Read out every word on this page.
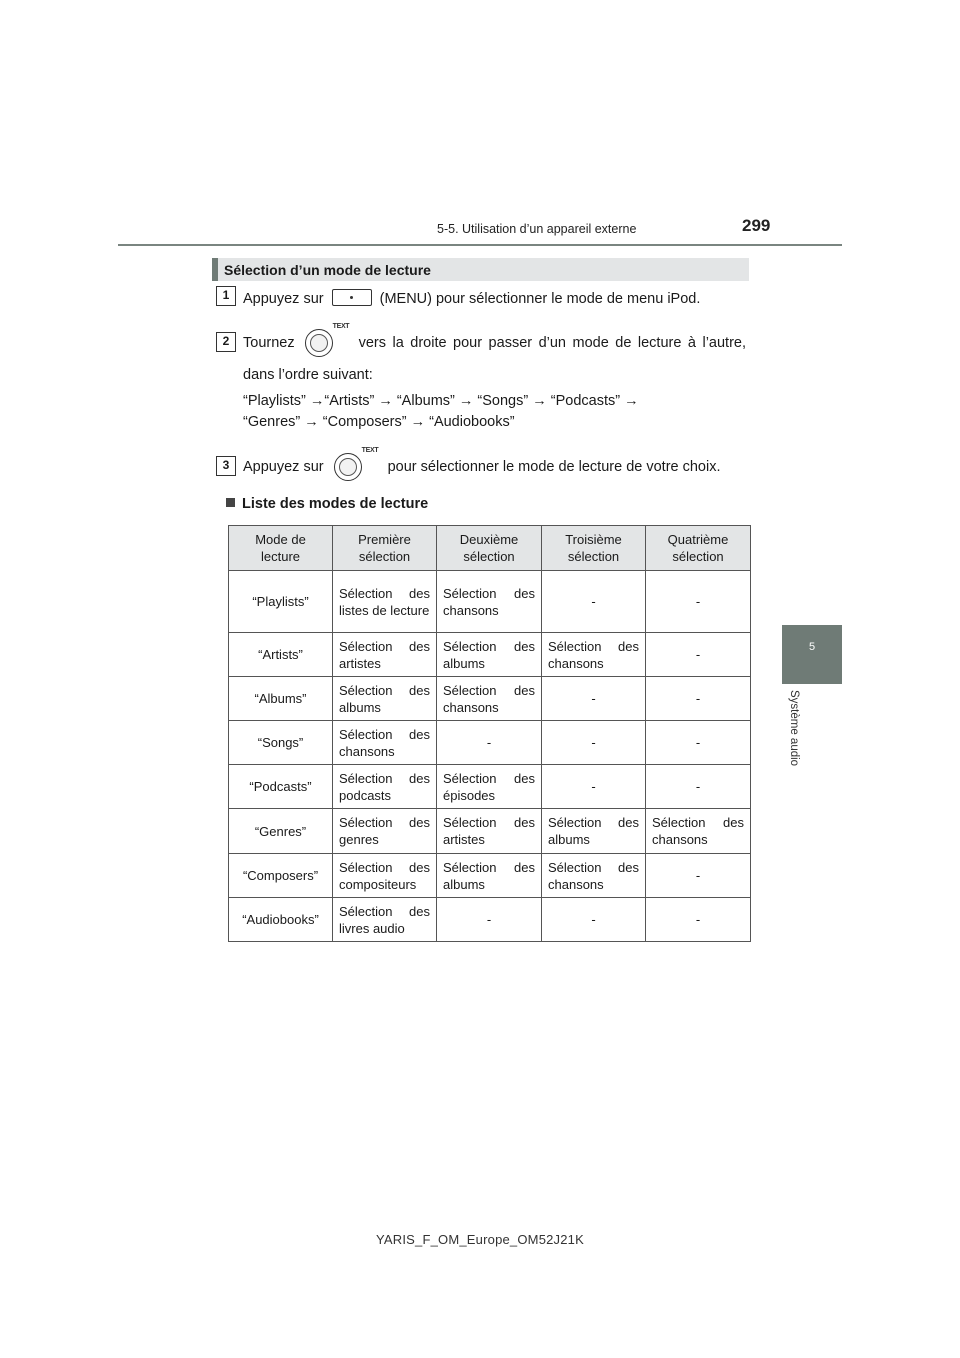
5-5. Utilisation d’un appareil externe	299
5
Système audio
Sélection d’un mode de lecture
1 Appuyez sur	(MENU) pour sélectionner le mode de menu iPod.
2 Tournez
TEXT
vers la droite pour passer d’un mode de lecture à l’autre,
dans l’ordre suivant:
“Playlists” →“Artists” → “Albums” → “Songs” → “Podcasts” →
“Genres” → “Composers” → “Audiobooks”
3 Appuyez sur
TEXT
pour sélectionner le mode de lecture de votre choix.
Liste des modes de lecture
Mode de lecture	Première sélection	Deuxième sélection	Troisième sélection	Quatrième sélection
“Playlists”	Sélection des listes de lecture	Sélection des chansons	-	-
“Artists”	Sélection des artistes	Sélection des albums	Sélection des chansons	-
“Albums”	Sélection des albums	Sélection des chansons	-	-
“Songs”	Sélection des chansons	-	-	-
“Podcasts”	Sélection des podcasts	Sélection des épisodes	-	-
“Genres”	Sélection des genres	Sélection des artistes	Sélection des albums	Sélection des chansons
“Composers”	Sélection des compositeurs	Sélection des albums	Sélection des chansons	-
“Audiobooks”	Sélection des livres audio	-	-	-
YARIS_F_OM_Europe_OM52J21K
